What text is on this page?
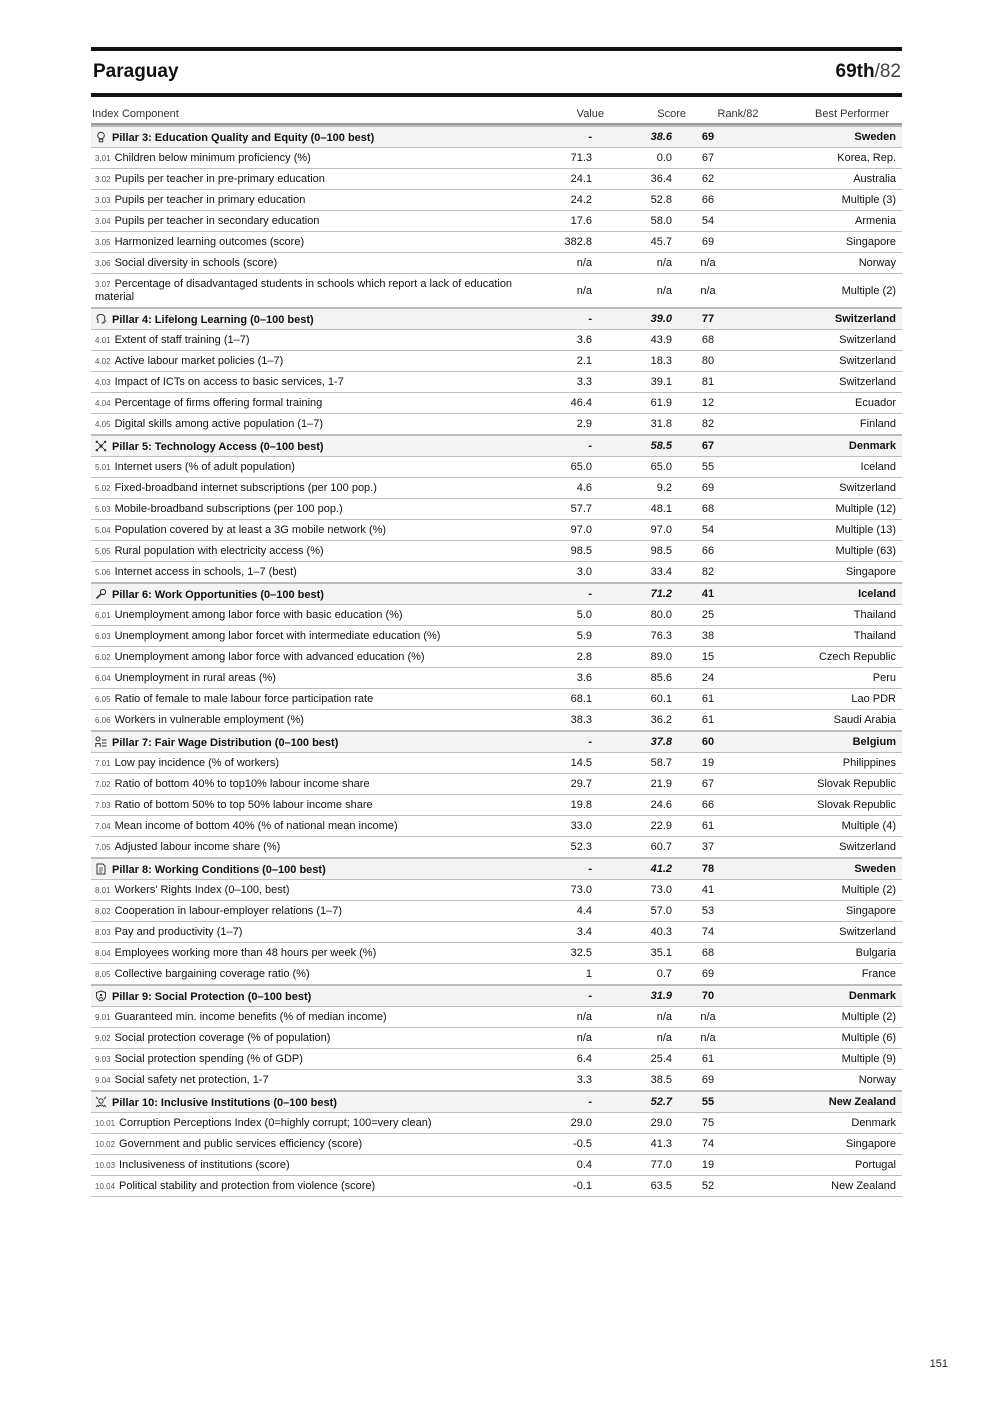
Paraguay	69th/82
Index Component	Value	Score	Rank/82	Best Performer
Pillar 3: Education Quality and Equity (0–100 best)	-	38.6	69	Sweden
3.01 Children below minimum proficiency (%)	71.3	0.0	67	Korea, Rep.
3.02 Pupils per teacher in pre-primary education	24.1	36.4	62	Australia
3.03 Pupils per teacher in primary education	24.2	52.8	66	Multiple (3)
3.04 Pupils per teacher in secondary education	17.6	58.0	54	Armenia
3.05 Harmonized learning outcomes (score)	382.8	45.7	69	Singapore
3.06 Social diversity in schools (score)	n/a	n/a	n/a	Norway
3.07 Percentage of disadvantaged students in schools which report a lack of education material	n/a	n/a	n/a	Multiple (2)
Pillar 4: Lifelong Learning (0–100 best)	-	39.0	77	Switzerland
4.01 Extent of staff training (1–7)	3.6	43.9	68	Switzerland
4.02 Active labour market policies (1–7)	2.1	18.3	80	Switzerland
4.03 Impact of ICTs on access to basic services, 1-7	3.3	39.1	81	Switzerland
4.04 Percentage of firms offering formal training	46.4	61.9	12	Ecuador
4.05 Digital skills among active population (1–7)	2.9	31.8	82	Finland
Pillar 5: Technology Access (0–100 best)	-	58.5	67	Denmark
5.01 Internet users (% of adult population)	65.0	65.0	55	Iceland
5.02 Fixed-broadband internet subscriptions (per 100 pop.)	4.6	9.2	69	Switzerland
5.03 Mobile-broadband subscriptions (per 100 pop.)	57.7	48.1	68	Multiple (12)
5.04 Population covered by at least a 3G mobile network (%)	97.0	97.0	54	Multiple (13)
5.05 Rural population with electricity access (%)	98.5	98.5	66	Multiple (63)
5.06 Internet access in schools, 1–7 (best)	3.0	33.4	82	Singapore
Pillar 6: Work Opportunities (0–100 best)	-	71.2	41	Iceland
6.01 Unemployment among labor force with basic education (%)	5.0	80.0	25	Thailand
6.03 Unemployment among labor forcet with intermediate education (%)	5.9	76.3	38	Thailand
6.02 Unemployment among labor force with advanced education (%)	2.8	89.0	15	Czech Republic
6.04 Unemployment in rural areas (%)	3.6	85.6	24	Peru
6.05 Ratio of female to male labour force participation rate	68.1	60.1	61	Lao PDR
6.06 Workers in vulnerable employment (%)	38.3	36.2	61	Saudi Arabia
Pillar 7: Fair Wage Distribution (0–100 best)	-	37.8	60	Belgium
7.01 Low pay incidence (% of workers)	14.5	58.7	19	Philippines
7.02 Ratio of bottom 40% to top10% labour income share	29.7	21.9	67	Slovak Republic
7.03 Ratio of bottom 50% to top 50% labour income share	19.8	24.6	66	Slovak Republic
7.04 Mean income of bottom 40% (% of national mean income)	33.0	22.9	61	Multiple (4)
7.05 Adjusted labour income share (%)	52.3	60.7	37	Switzerland
Pillar 8: Working Conditions (0–100 best)	-	41.2	78	Sweden
8.01 Workers' Rights Index (0–100, best)	73.0	73.0	41	Multiple (2)
8.02 Cooperation in labour-employer relations (1–7)	4.4	57.0	53	Singapore
8.03 Pay and productivity (1–7)	3.4	40.3	74	Switzerland
8.04 Employees working more than 48 hours per week (%)	32.5	35.1	68	Bulgaria
8.05 Collective bargaining coverage ratio (%)	1	0.7	69	France
Pillar 9: Social Protection (0–100 best)	-	31.9	70	Denmark
9.01 Guaranteed min. income benefits (% of median income)	n/a	n/a	n/a	Multiple (2)
9.02 Social protection coverage (% of population)	n/a	n/a	n/a	Multiple (6)
9.03 Social protection spending (% of GDP)	6.4	25.4	61	Multiple (9)
9.04 Social safety net protection, 1-7	3.3	38.5	69	Norway
Pillar 10: Inclusive Institutions (0–100 best)	-	52.7	55	New Zealand
10.01 Corruption Perceptions Index (0=highly corrupt; 100=very clean)	29.0	29.0	75	Denmark
10.02 Government and public services efficiency (score)	-0.5	41.3	74	Singapore
10.03 Inclusiveness of institutions (score)	0.4	77.0	19	Portugal
10.04 Political stability and protection from violence (score)	-0.1	63.5	52	New Zealand
151
